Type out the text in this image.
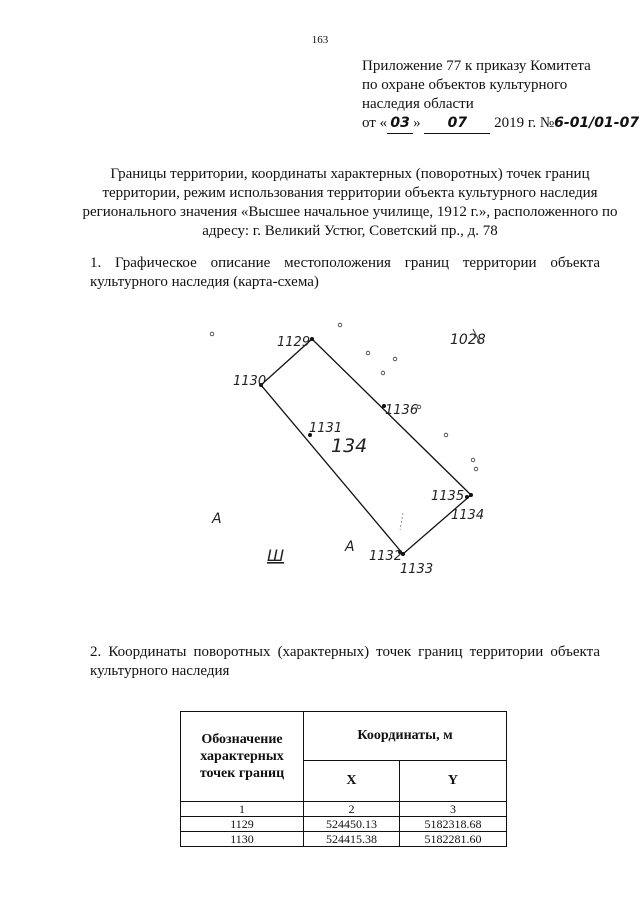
163
Приложение 77 к приказу Комитета
по охране объектов культурного
наследия области
от « 03 » 07 2019 г. №6-01/01-07
Границы территории, координаты характерных (поворотных) точек границ территории, режим использования территории объекта культурного наследия регионального значения «Высшее начальное училище, 1912 г.», расположенного по адресу: г. Великий Устюг, Советский пр., д. 78
1. Графическое описание местоположения границ территории объекта культурного наследия (карта-схема)
1129
1130
1131
1136
1135
1134
1132
1133
1028
134
А
А
Ш
2. Координаты поворотных (характерных) точек границ территории объекта культурного наследия
Обозначение характерных точек границ	Координаты, м	
	X	Y
1	2	3
1129	524450.13	5182318.68
1130	524415.38	5182281.60
